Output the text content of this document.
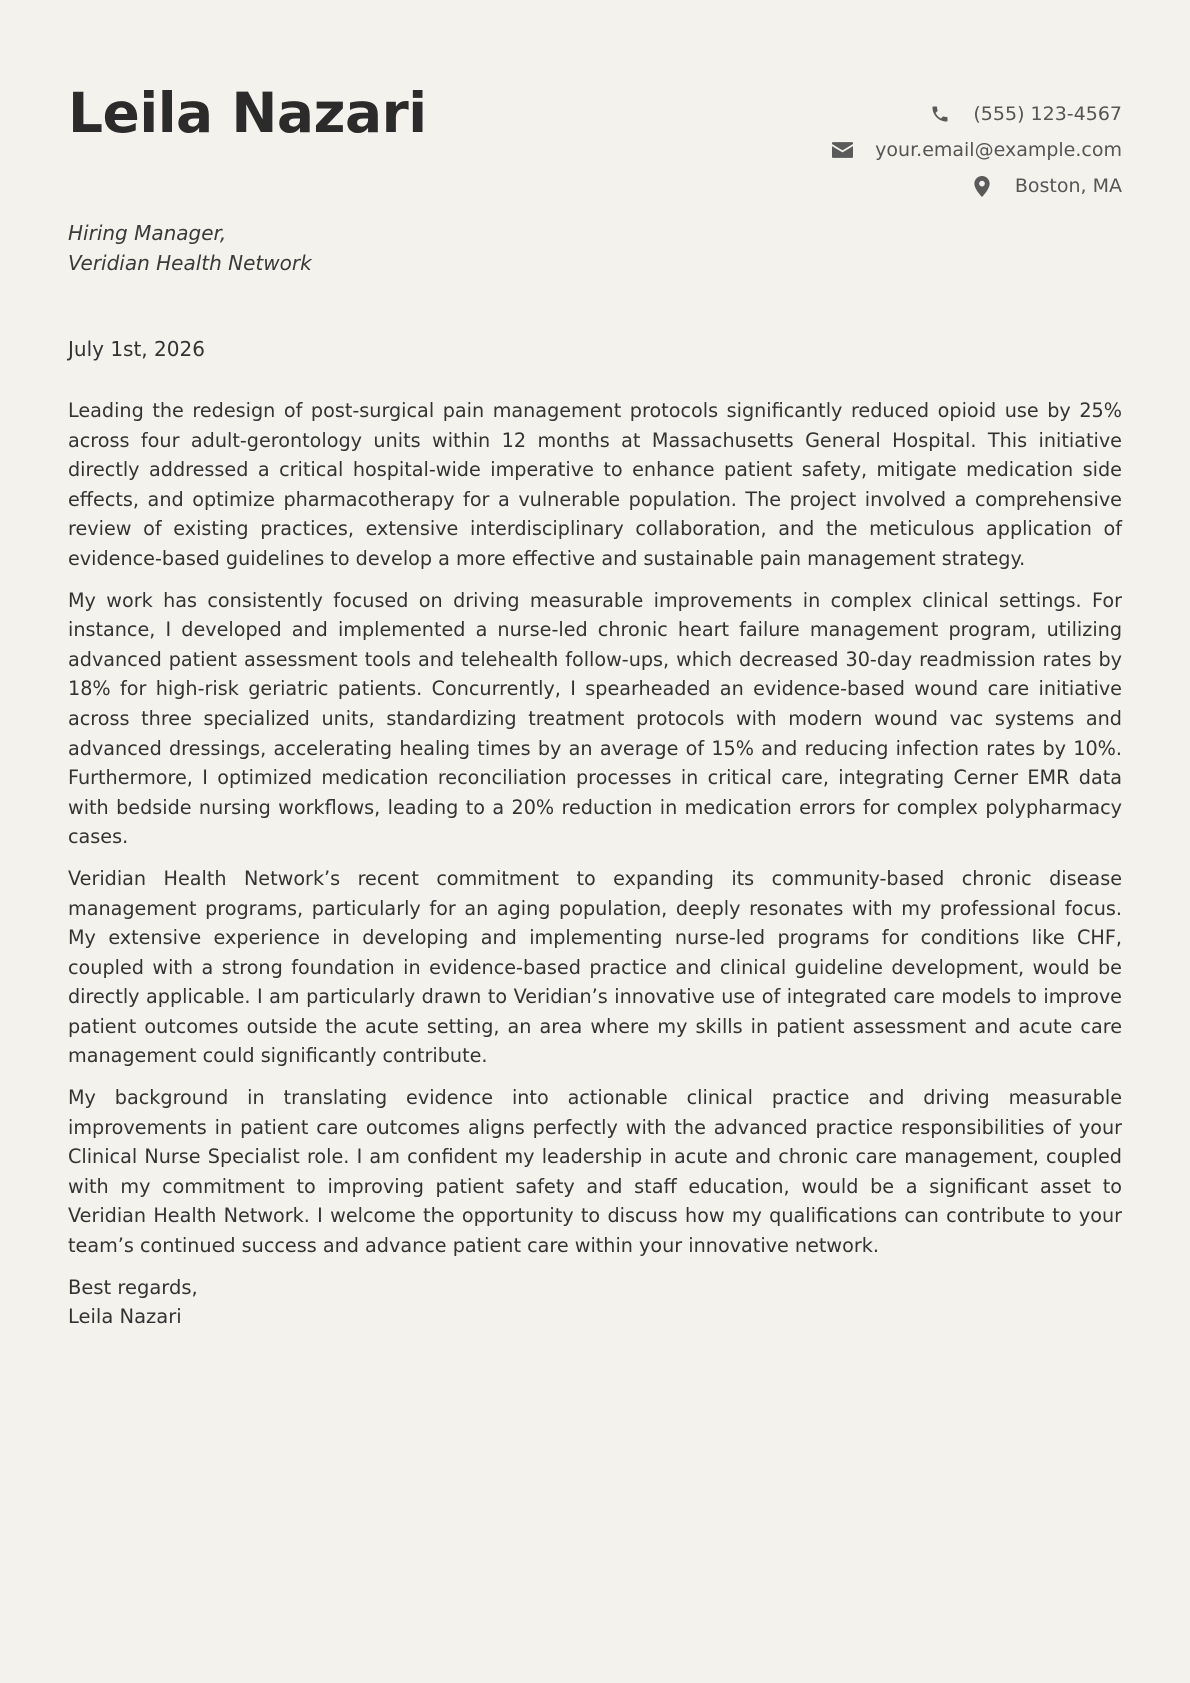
Leila Nazari	(555) 123-4567
your.email@example.com
Boston, MA
Hiring Manager,
Veridian Health Network
July 1st, 2026

Leading the redesign of post-surgical pain management protocols significantly reduced opioid use by 25% across four adult-gerontology units within 12 months at Massachusetts General Hospital. This initiative directly addressed a critical hospital-wide imperative to enhance patient safety, mitigate medication side effects, and optimize pharmacotherapy for a vulnerable population. The project involved a comprehensive review of existing practices, extensive interdisciplinary collaboration, and the meticulous application of evidence-based guidelines to develop a more effective and sustainable pain management strategy.

My work has consistently focused on driving measurable improvements in complex clinical settings. For instance, I developed and implemented a nurse-led chronic heart failure management program, utilizing advanced patient assessment tools and telehealth follow-ups, which decreased 30-day readmission rates by 18% for high-risk geriatric patients. Concurrently, I spearheaded an evidence-based wound care initiative across three specialized units, standardizing treatment protocols with modern wound vac systems and advanced dressings, accelerating healing times by an average of 15% and reducing infection rates by 10%. Furthermore, I optimized medication reconciliation processes in critical care, integrating Cerner EMR data with bedside nursing workflows, leading to a 20% reduction in medication errors for complex polypharmacy cases.

Veridian Health Network’s recent commitment to expanding its community-based chronic disease management programs, particularly for an aging population, deeply resonates with my professional focus. My extensive experience in developing and implementing nurse-led programs for conditions like CHF, coupled with a strong foundation in evidence-based practice and clinical guideline development, would be directly applicable. I am particularly drawn to Veridian’s innovative use of integrated care models to improve patient outcomes outside the acute setting, an area where my skills in patient assessment and acute care management could significantly contribute.

My background in translating evidence into actionable clinical practice and driving measurable improvements in patient care outcomes aligns perfectly with the advanced practice responsibilities of your Clinical Nurse Specialist role. I am confident my leadership in acute and chronic care management, coupled with my commitment to improving patient safety and staff education, would be a significant asset to Veridian Health Network. I welcome the opportunity to discuss how my qualifications can contribute to your team’s continued success and advance patient care within your innovative network.

Best regards,
Leila Nazari
